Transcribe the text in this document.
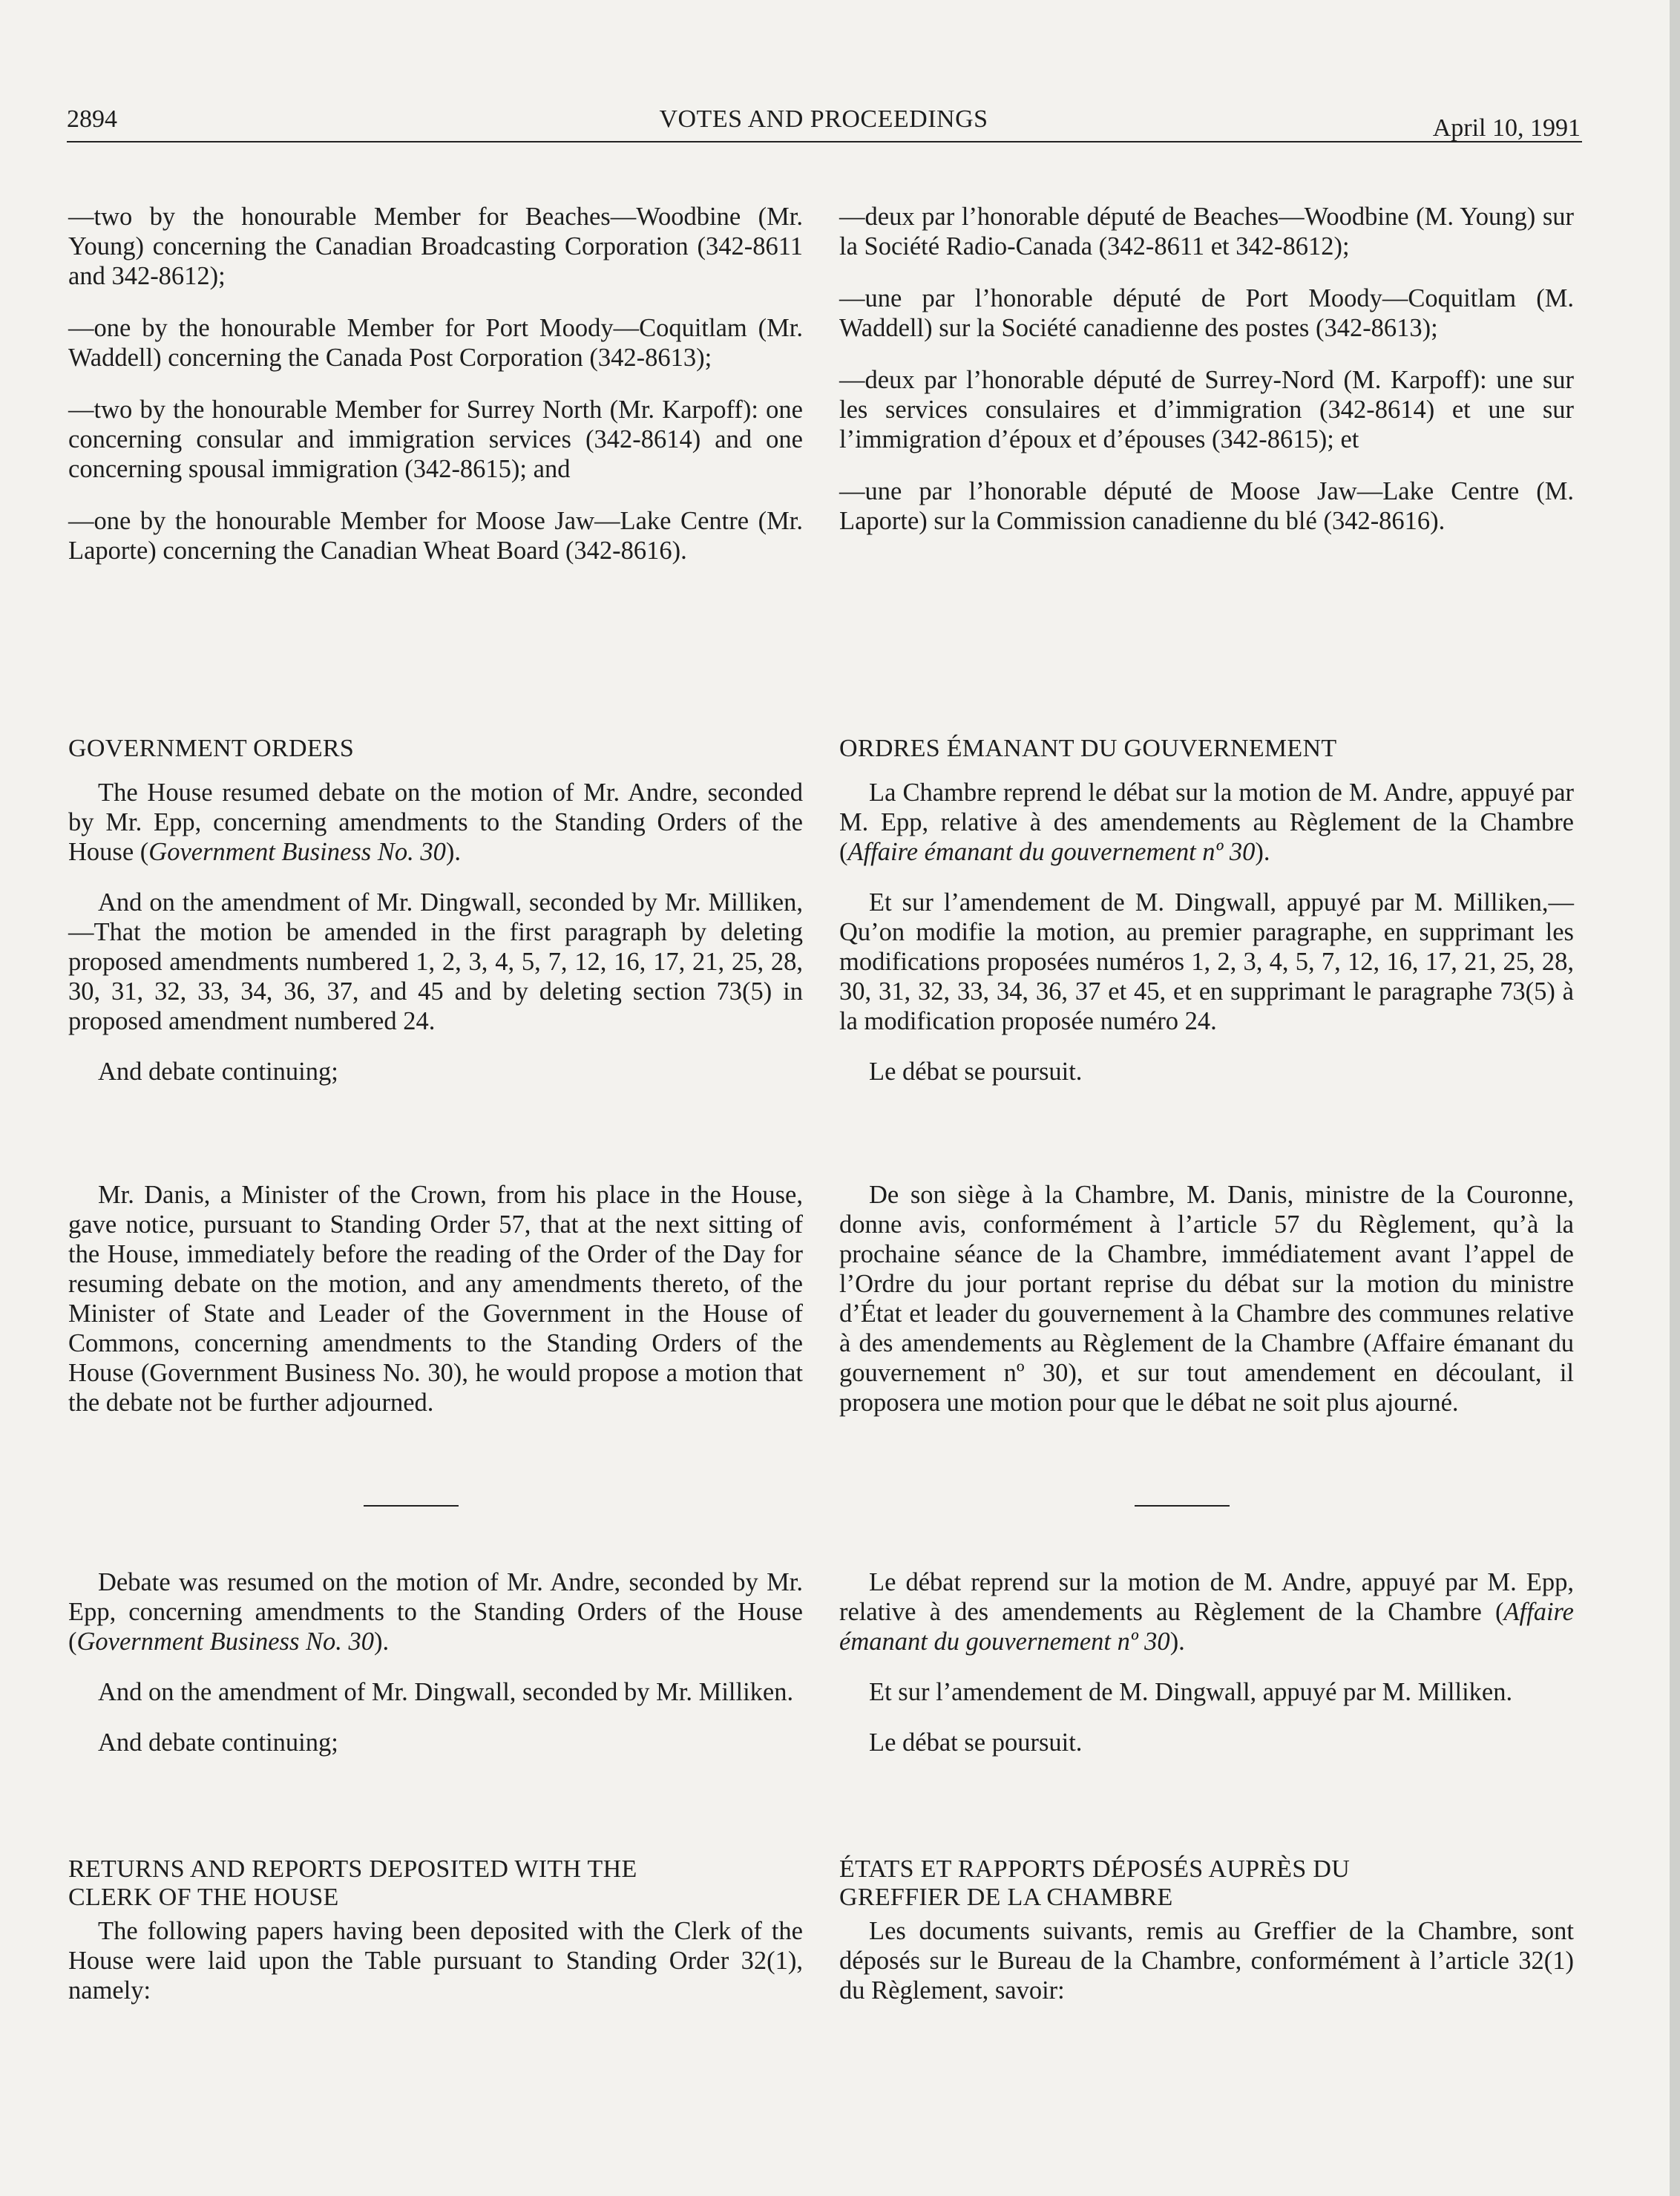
2894	VOTES AND PROCEEDINGS	April 10, 1991

—two by the honourable Member for Beaches—Woodbine (Mr. Young) concerning the Canadian Broadcasting Corporation (342-8611 and 342-8612);

—one by the honourable Member for Port Moody—Coquitlam (Mr. Waddell) concerning the Canada Post Corporation (342-8613);

—two by the honourable Member for Surrey North (Mr. Karpoff): one concerning consular and immigration services (342-8614) and one concerning spousal immigration (342-8615); and

—one by the honourable Member for Moose Jaw—Lake Centre (Mr. Laporte) concerning the Canadian Wheat Board (342-8616).

GOVERNMENT ORDERS

The House resumed debate on the motion of Mr. Andre, seconded by Mr. Epp, concerning amendments to the Standing Orders of the House (Government Business No. 30).

And on the amendment of Mr. Dingwall, seconded by Mr. Milliken,—That the motion be amended in the first paragraph by deleting proposed amendments numbered 1, 2, 3, 4, 5, 7, 12, 16, 17, 21, 25, 28, 30, 31, 32, 33, 34, 36, 37, and 45 and by deleting section 73(5) in proposed amendment numbered 24.

And debate continuing;

Mr. Danis, a Minister of the Crown, from his place in the House, gave notice, pursuant to Standing Order 57, that at the next sitting of the House, immediately before the reading of the Order of the Day for resuming debate on the motion, and any amendments thereto, of the Minister of State and Leader of the Government in the House of Commons, concerning amendments to the Standing Orders of the House (Government Business No. 30), he would propose a motion that the debate not be further adjourned.

Debate was resumed on the motion of Mr. Andre, seconded by Mr. Epp, concerning amendments to the Standing Orders of the House (Government Business No. 30).

And on the amendment of Mr. Dingwall, seconded by Mr. Milliken.

And debate continuing;

RETURNS AND REPORTS DEPOSITED WITH THE
CLERK OF THE HOUSE

The following papers having been deposited with the Clerk of the House were laid upon the Table pursuant to Standing Order 32(1), namely:

—deux par l’honorable député de Beaches—Woodbine (M. Young) sur la Société Radio-Canada (342-8611 et 342-8612);

—une par l’honorable député de Port Moody—Coquitlam (M. Waddell) sur la Société canadienne des postes (342-8613);

—deux par l’honorable député de Surrey-Nord (M. Karpoff): une sur les services consulaires et d’immigration (342-8614) et une sur l’immigration d’époux et d’épouses (342-8615); et

—une par l’honorable député de Moose Jaw—Lake Centre (M. Laporte) sur la Commission canadienne du blé (342-8616).

ORDRES ÉMANANT DU GOUVERNEMENT

La Chambre reprend le débat sur la motion de M. Andre, appuyé par M. Epp, relative à des amendements au Règlement de la Chambre (Affaire émanant du gouvernement nº 30).

Et sur l’amendement de M. Dingwall, appuyé par M. Milliken,—Qu’on modifie la motion, au premier paragraphe, en supprimant les modifications proposées numéros 1, 2, 3, 4, 5, 7, 12, 16, 17, 21, 25, 28, 30, 31, 32, 33, 34, 36, 37 et 45, et en supprimant le paragraphe 73(5) à la modification proposée numéro 24.

Le débat se poursuit.

De son siège à la Chambre, M. Danis, ministre de la Couronne, donne avis, conformément à l’article 57 du Règlement, qu’à la prochaine séance de la Chambre, immédiatement avant l’appel de l’Ordre du jour portant reprise du débat sur la motion du ministre d’État et leader du gouvernement à la Chambre des communes relative à des amendements au Règlement de la Chambre (Affaire émanant du gouvernement nº 30), et sur tout amendement en découlant, il proposera une motion pour que le débat ne soit plus ajourné.

Le débat reprend sur la motion de M. Andre, appuyé par M. Epp, relative à des amendements au Règlement de la Chambre (Affaire émanant du gouvernement nº 30).

Et sur l’amendement de M. Dingwall, appuyé par M. Milliken.

Le débat se poursuit.

ÉTATS ET RAPPORTS DÉPOSÉS AUPRÈS DU
GREFFIER DE LA CHAMBRE

Les documents suivants, remis au Greffier de la Chambre, sont déposés sur le Bureau de la Chambre, conformément à l’article 32(1) du Règlement, savoir:
